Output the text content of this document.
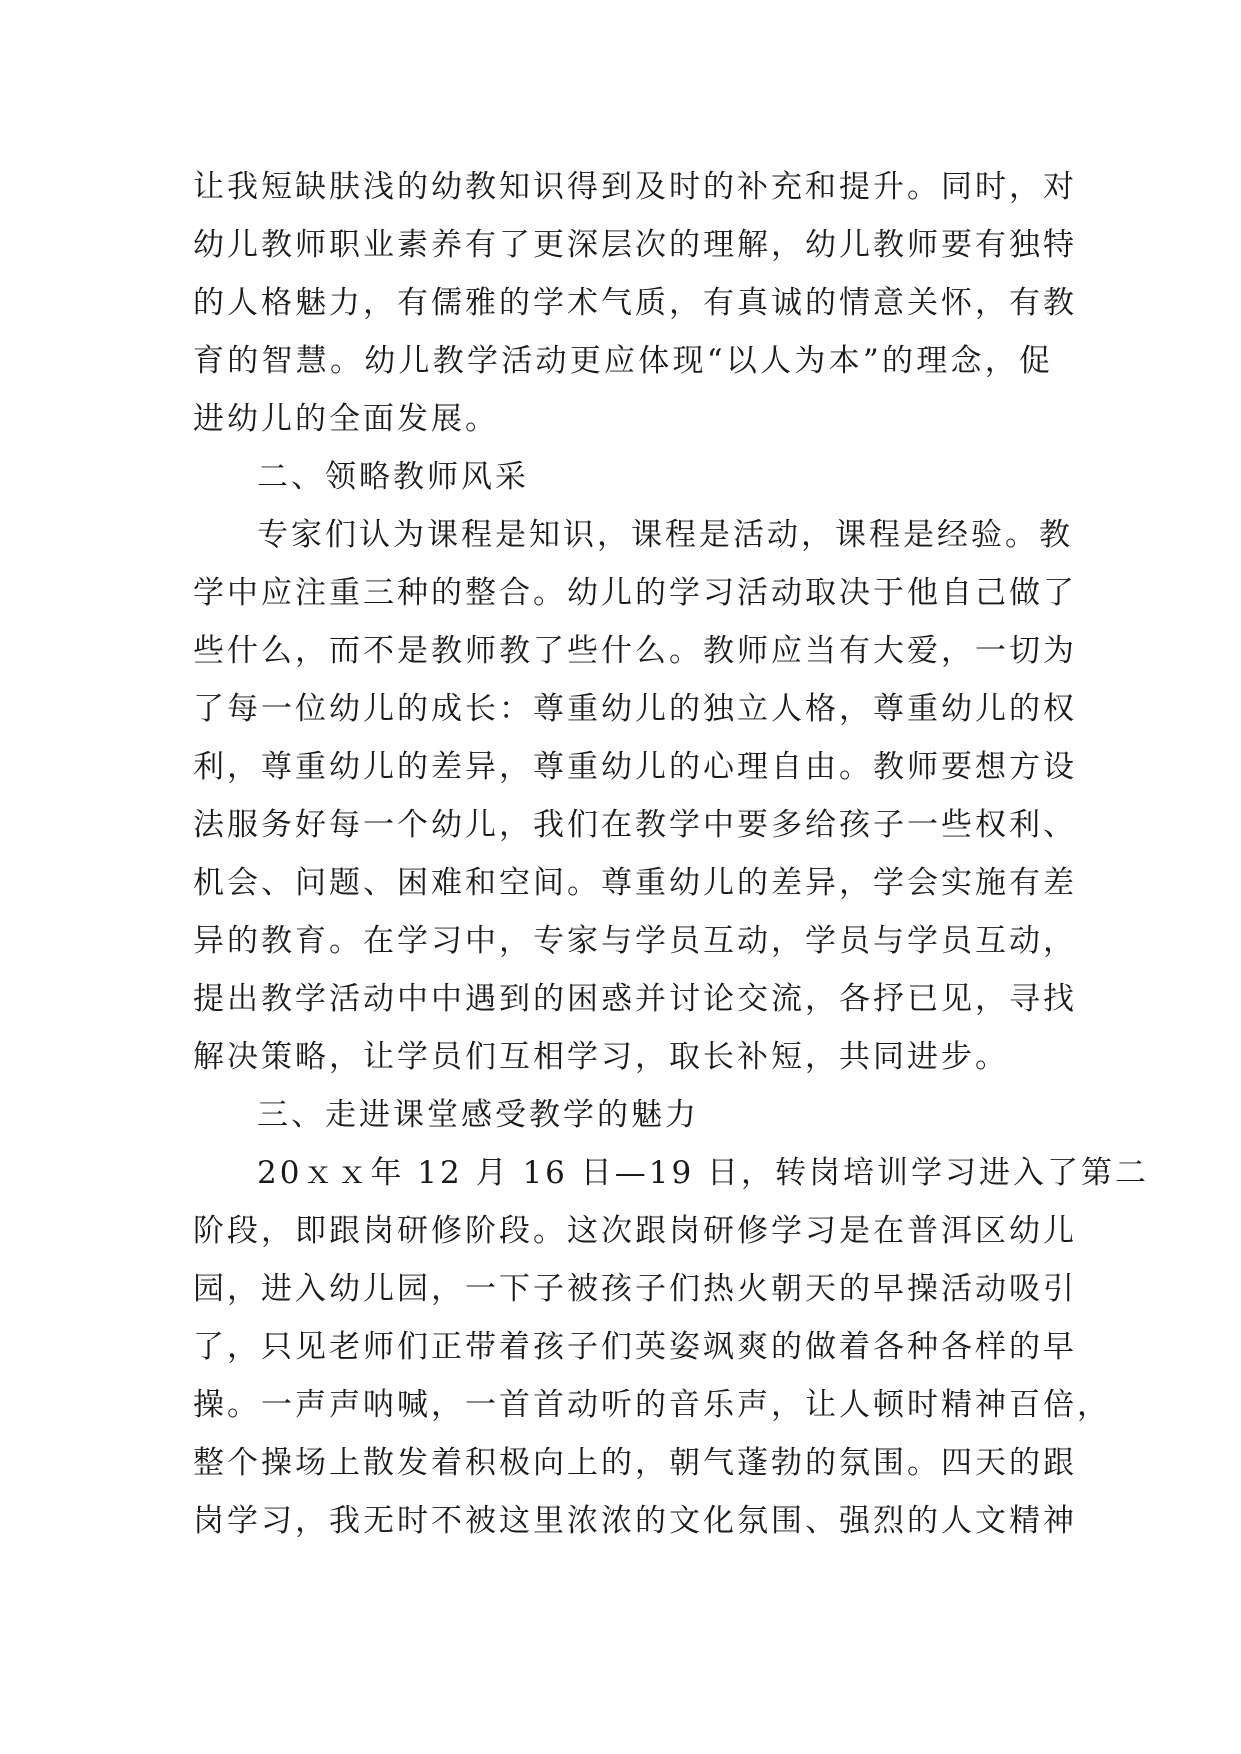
让我短缺肤浅的幼教知识得到及时的补充和提升。同时，对
幼儿教师职业素养有了更深层次的理解，幼儿教师要有独特
的人格魅力，有儒雅的学术气质，有真诚的情意关怀，有教
育的智慧。幼儿教学活动更应体现“以人为本”的理念，促
进幼儿的全面发展。
二、领略教师风采
专家们认为课程是知识，课程是活动，课程是经验。教
学中应注重三种的整合。幼儿的学习活动取决于他自己做了
些什么，而不是教师教了些什么。教师应当有大爱，一切为
了每一位幼儿的成长：尊重幼儿的独立人格，尊重幼儿的权
利，尊重幼儿的差异，尊重幼儿的心理自由。教师要想方设
法服务好每一个幼儿，我们在教学中要多给孩子一些权利、
机会、问题、困难和空间。尊重幼儿的差异，学会实施有差
异的教育。在学习中，专家与学员互动，学员与学员互动，
提出教学活动中中遇到的困惑并讨论交流，各抒已见，寻找
解决策略，让学员们互相学习，取长补短，共同进步。
三、走进课堂感受教学的魅力
20ｘｘ年 12 月 16 日—19 日，转岗培训学习进入了第二
阶段，即跟岗研修阶段。这次跟岗研修学习是在普洱区幼儿
园，进入幼儿园，一下子被孩子们热火朝天的早操活动吸引
了，只见老师们正带着孩子们英姿飒爽的做着各种各样的早
操。一声声呐喊，一首首动听的音乐声，让人顿时精神百倍，
整个操场上散发着积极向上的，朝气蓬勃的氛围。四天的跟
岗学习，我无时不被这里浓浓的文化氛围、强烈的人文精神
